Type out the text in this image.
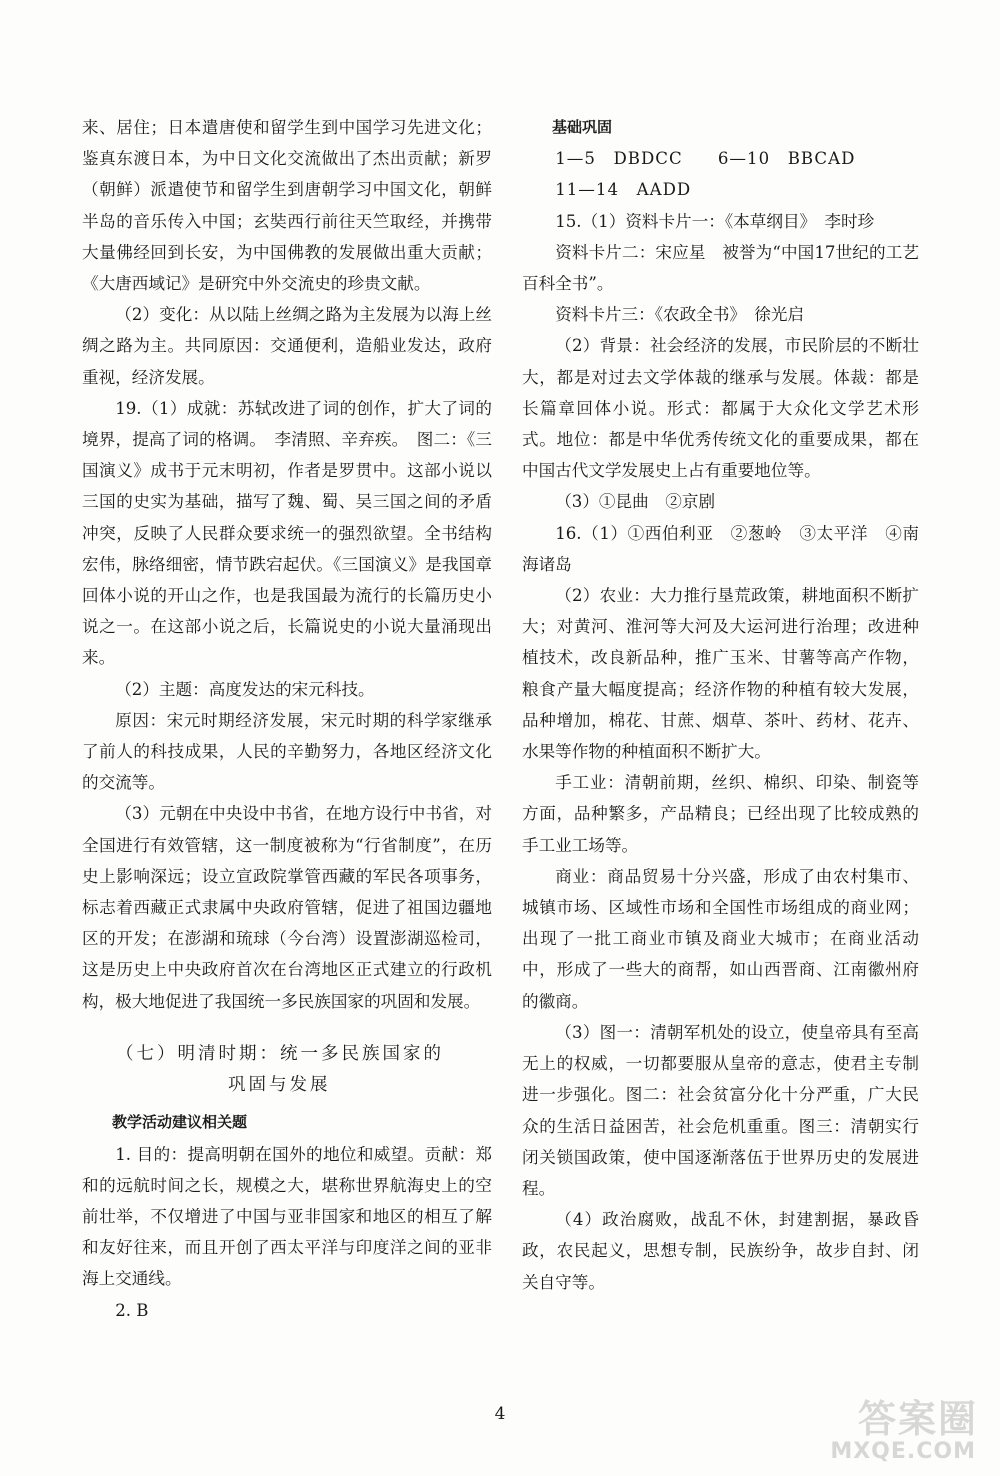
来、居住；日本遣唐使和留学生到中国学习先进文化；鉴真东渡日本，为中日文化交流做出了杰出贡献；新罗（朝鲜）派遣使节和留学生到唐朝学习中国文化，朝鲜半岛的音乐传入中国；玄奘西行前往天竺取经，并携带大量佛经回到长安，为中国佛教的发展做出重大贡献；《大唐西域记》是研究中外交流史的珍贵文献。

（2）变化：从以陆上丝绸之路为主发展为以海上丝绸之路为主。共同原因：交通便利，造船业发达，政府重视，经济发展。

19.（1）成就：苏轼改进了词的创作，扩大了词的境界，提高了词的格调。　李清照、辛弃疾。　图二：《三国演义》成书于元末明初，作者是罗贯中。这部小说以三国的史实为基础，描写了魏、蜀、吴三国之间的矛盾冲突，反映了人民群众要求统一的强烈欲望。全书结构宏伟，脉络细密，情节跌宕起伏。《三国演义》是我国章回体小说的开山之作，也是我国最为流行的长篇历史小说之一。在这部小说之后，长篇说史的小说大量涌现出来。

（2）主题：高度发达的宋元科技。

原因：宋元时期经济发展，宋元时期的科学家继承了前人的科技成果，人民的辛勤努力，各地区经济文化的交流等。

（3）元朝在中央设中书省，在地方设行中书省，对全国进行有效管辖，这一制度被称为“行省制度”，在历史上影响深远；设立宣政院掌管西藏的军民各项事务，标志着西藏正式隶属中央政府管辖，促进了祖国边疆地区的开发；在澎湖和琉球（今台湾）设置澎湖巡检司，这是历史上中央政府首次在台湾地区正式建立的行政机构，极大地促进了我国统一多民族国家的巩固和发展。

（七）明清时期：统一多民族国家的
巩固与发展

教学活动建议相关题

1. 目的：提高明朝在国外的地位和威望。贡献：郑和的远航时间之长，规模之大，堪称世界航海史上的空前壮举，不仅增进了中国与亚非国家和地区的相互了解和友好往来，而且开创了西太平洋与印度洋之间的亚非海上交通线。

2. B

基础巩固

1—5　DBDCC　　6—10　BBCAD

11—14　AADD

15.（1）资料卡片一：《本草纲目》　李时珍

资料卡片二：宋应星　被誉为“中国17世纪的工艺百科全书”。

资料卡片三：《农政全书》　徐光启

（2）背景：社会经济的发展，市民阶层的不断壮大，都是对过去文学体裁的继承与发展。体裁：都是长篇章回体小说。形式：都属于大众化文学艺术形式。地位：都是中华优秀传统文化的重要成果，都在中国古代文学发展史上占有重要地位等。

（3）①昆曲　②京剧

16.（1）①西伯利亚　②葱岭　③太平洋　④南海诸岛

（2）农业：大力推行垦荒政策，耕地面积不断扩大；对黄河、淮河等大河及大运河进行治理；改进种植技术，改良新品种，推广玉米、甘薯等高产作物，粮食产量大幅度提高；经济作物的种植有较大发展，品种增加，棉花、甘蔗、烟草、茶叶、药材、花卉、水果等作物的种植面积不断扩大。

手工业：清朝前期，丝织、棉织、印染、制瓷等方面，品种繁多，产品精良；已经出现了比较成熟的手工业工场等。

商业：商品贸易十分兴盛，形成了由农村集市、城镇市场、区域性市场和全国性市场组成的商业网；出现了一批工商业市镇及商业大城市；在商业活动中，形成了一些大的商帮，如山西晋商、江南徽州府的徽商。

（3）图一：清朝军机处的设立，使皇帝具有至高无上的权威，一切都要服从皇帝的意志，使君主专制进一步强化。图二：社会贫富分化十分严重，广大民众的生活日益困苦，社会危机重重。图三：清朝实行闭关锁国政策，使中国逐渐落伍于世界历史的发展进程。

（4）政治腐败，战乱不休，封建割据，暴政昏政，农民起义，思想专制，民族纷争，故步自封、闭关自守等。

4	答案圈
MXQE.COM
